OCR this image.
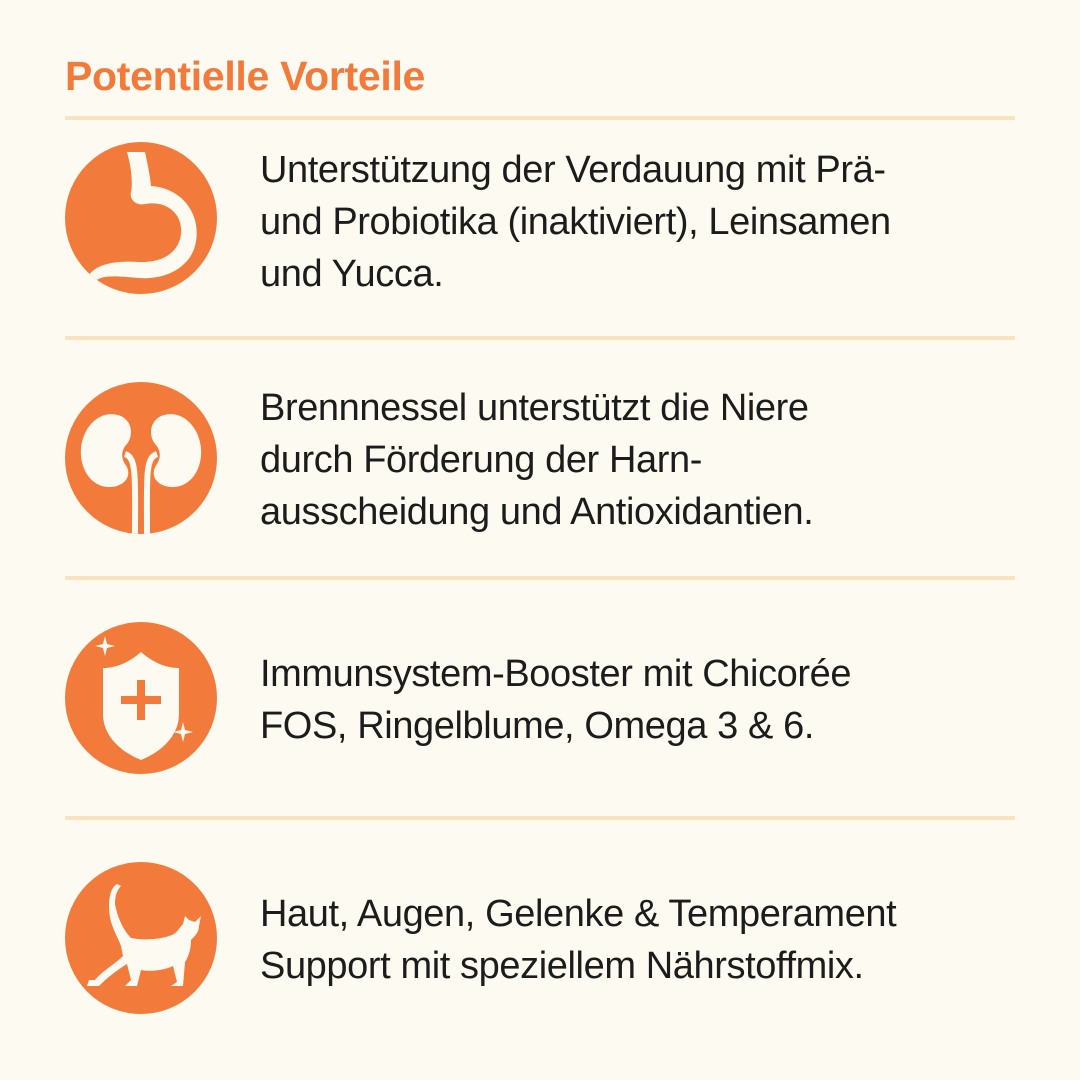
Potentielle Vorteile

Unterstützung der Verdauung mit Prä-
und Probiotika (inaktiviert), Leinsamen
und Yucca.

Brennnessel unterstützt die Niere
durch Förderung der Harn-
ausscheidung und Antioxidantien.

Immunsystem-Booster mit Chicorée
FOS, Ringelblume, Omega 3 & 6.

Haut, Augen, Gelenke & Temperament
Support mit speziellem Nährstoffmix.
